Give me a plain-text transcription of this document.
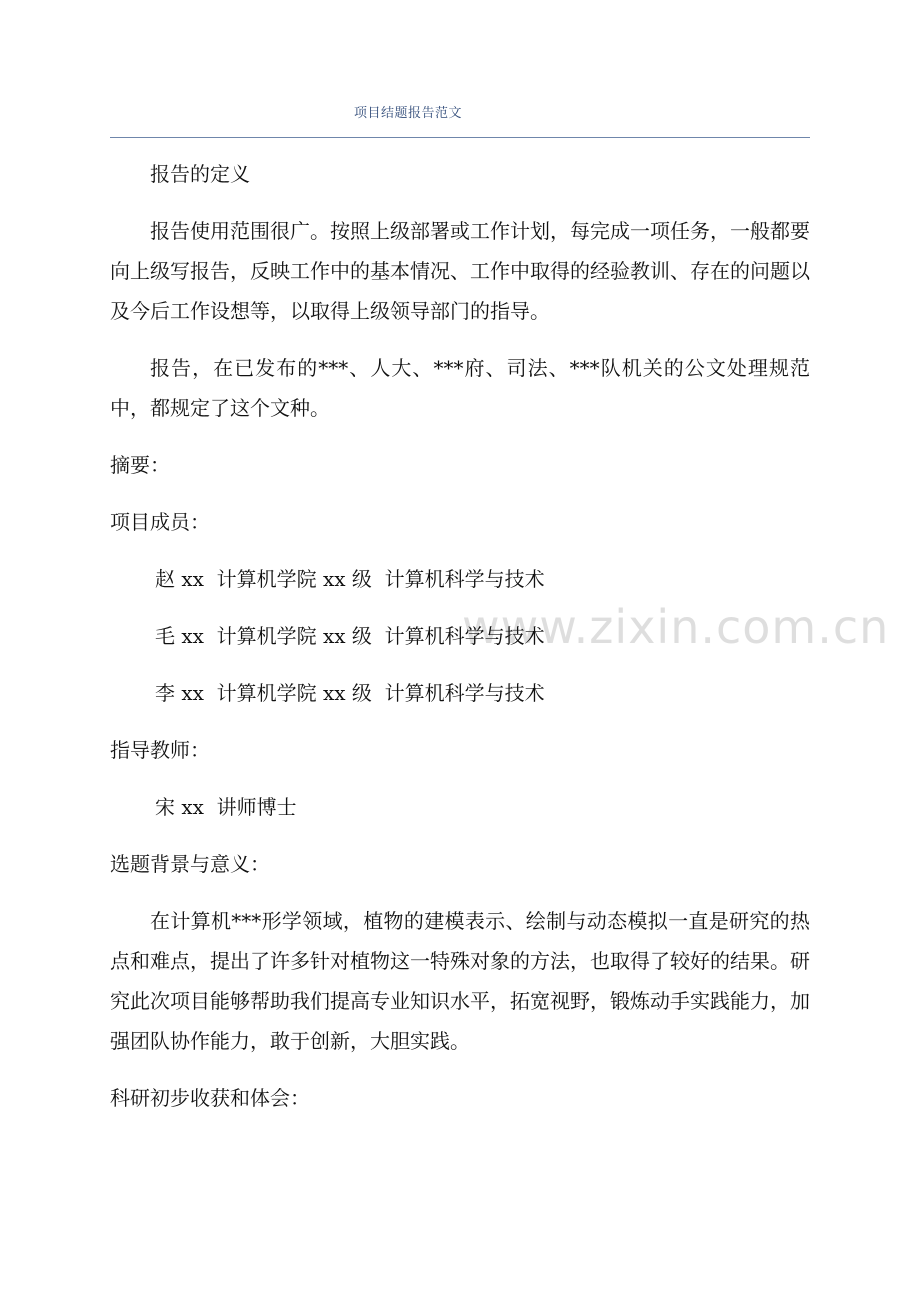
项目结题报告范文
www.zixin.com.cn

报告的定义

报告使用范围很广。按照上级部署或工作计划，每完成一项任务，一般都要向上级写报告，反映工作中的基本情况、工作中取得的经验教训、存在的问题以及今后工作设想等，以取得上级领导部门的指导。

报告，在已发布的***、人大、***府、司法、***队机关的公文处理规范中，都规定了这个文种。

摘要：

项目成员：

赵 xx  计算机学院 xx 级  计算机科学与技术

毛 xx  计算机学院 xx 级  计算机科学与技术

李 xx  计算机学院 xx 级  计算机科学与技术

指导教师：

宋 xx  讲师博士

选题背景与意义：

在计算机***形学领域，植物的建模表示、绘制与动态模拟一直是研究的热点和难点，提出了许多针对植物这一特殊对象的方法，也取得了较好的结果。研究此次项目能够帮助我们提高专业知识水平，拓宽视野，锻炼动手实践能力，加强团队协作能力，敢于创新，大胆实践。

科研初步收获和体会：
